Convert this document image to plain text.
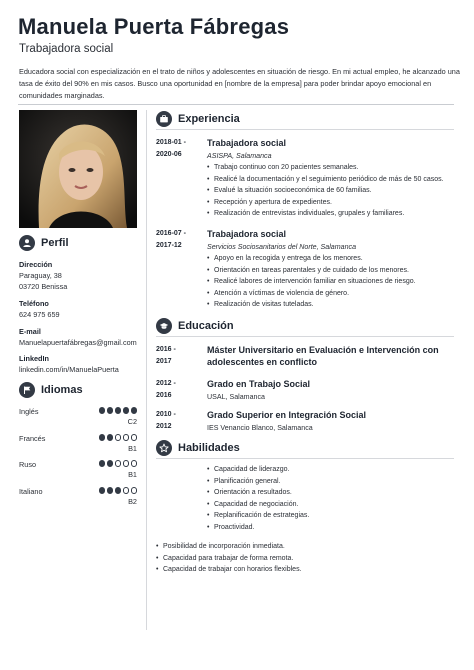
Manuela Puerta Fábregas
Trabajadora social
Educadora social con especialización en el trato de niños y adolescentes en situación de riesgo. En mi actual empleo, he alcanzado una
tasa de éxito del 90% en mis casos. Busco una oportunidad en [nombre de la empresa] para poder brindar apoyo emocional en
comunidades marginadas.
Perfil
Dirección
Paraguay, 38
03720 Benissa
Teléfono
624 975 659
E-mail
Manuelapuertafábregas@gmail.com
LinkedIn
linkedin.com/in/ManuelaPuerta
Idiomas
Inglés
C2
Francés
B1
Ruso
B1
Italiano
B2
Experiencia
2018-01 -
2020-06
Trabajadora social
ASISPA, Salamanca
• Trabajo continuo con 20 pacientes semanales.
• Realicé la documentación y el seguimiento periódico de más de 50 casos.
• Evalué la situación socioeconómica de 60 familias.
• Recepción y apertura de expedientes.
• Realización de entrevistas individuales, grupales y familiares.
2016-07 -
2017-12
Trabajadora social
Servicios Sociosanitarios del Norte, Salamanca
• Apoyo en la recogida y entrega de los menores.
• Orientación en tareas parentales y de cuidado de los menores.
• Realicé labores de intervención familiar en situaciones de riesgo.
• Atención a víctimas de violencia de género.
• Realización de visitas tuteladas.
Educación
2016 -
2017
Máster Universitario en Evaluación e Intervención con
adolescentes en conflicto
2012 -
2016
Grado en Trabajo Social
USAL, Salamanca
2010 -
2012
Grado Superior en Integración Social
IES Venancio Blanco, Salamanca
Habilidades
• Capacidad de liderazgo.
• Planificación general.
• Orientación a resultados.
• Capacidad de negociación.
• Replanificación de estrategias.
• Proactividad.
• Posibilidad de incorporación inmediata.
• Capacidad para trabajar de forma remota.
• Capacidad de trabajar con horarios flexibles.
